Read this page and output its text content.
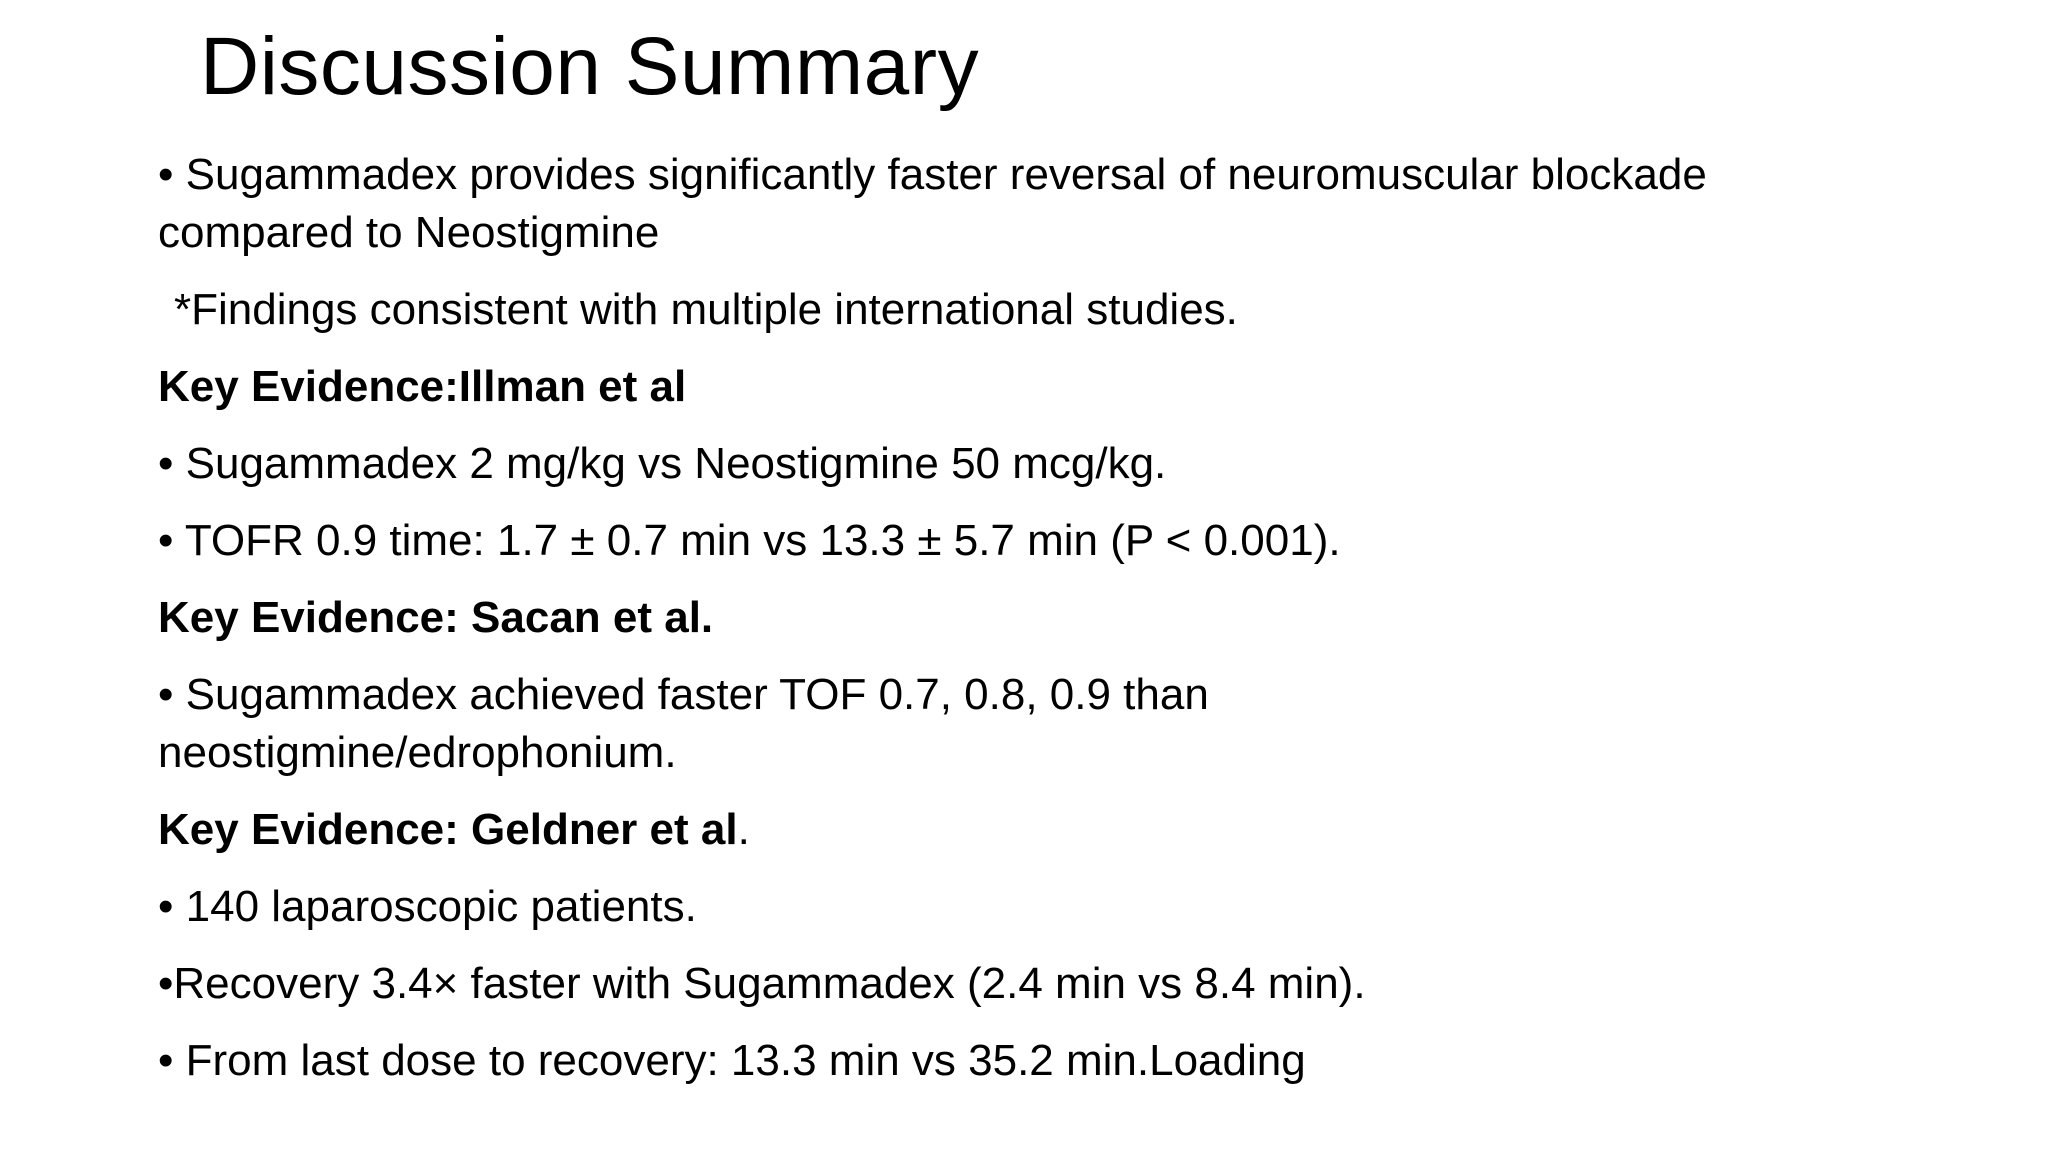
Discussion Summary
• Sugammadex provides significantly faster reversal of neuromuscular blockade
compared to Neostigmine
*Findings consistent with multiple international studies.
Key Evidence:Illman et al
• Sugammadex 2 mg/kg vs Neostigmine 50 mcg/kg.
• TOFR 0.9 time: 1.7 ± 0.7 min vs 13.3 ± 5.7 min (P < 0.001).
Key Evidence: Sacan et al.
• Sugammadex achieved faster TOF 0.7, 0.8, 0.9 than
neostigmine/edrophonium.
Key Evidence: Geldner et al.
• 140 laparoscopic patients.
•Recovery 3.4× faster with Sugammadex (2.4 min vs 8.4 min).
• From last dose to recovery: 13.3 min vs 35.2 min.Loading
